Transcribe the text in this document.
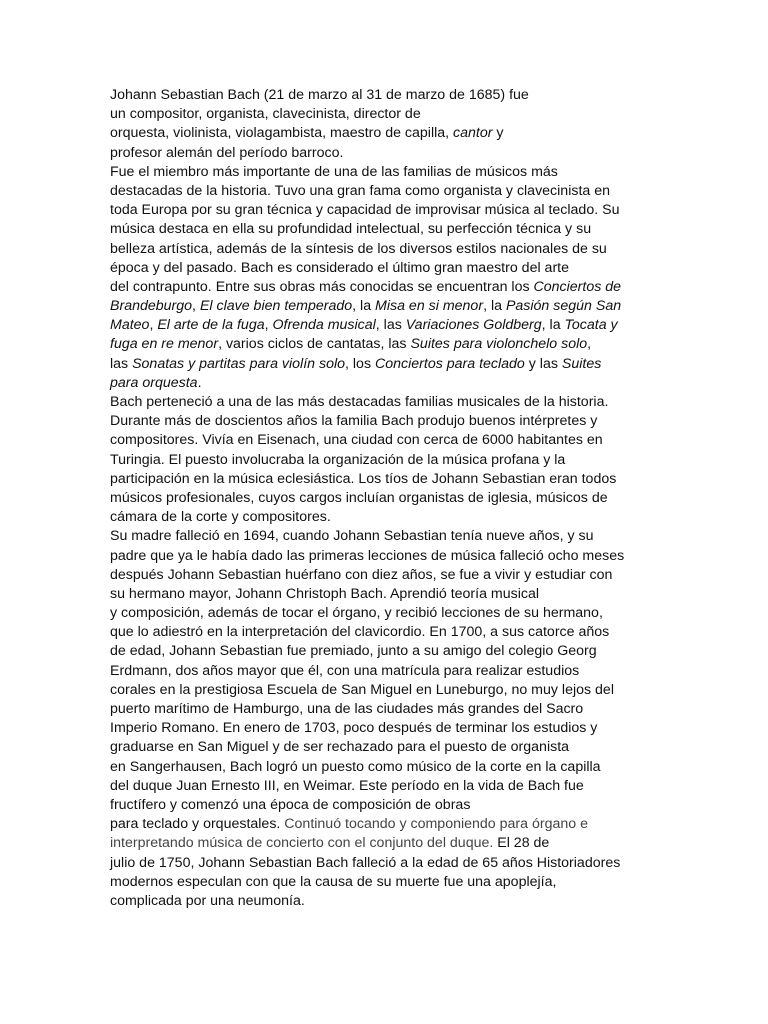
Johann Sebastian Bach (21 de marzo al 31 de marzo de 1685) fue
un compositor, organista, clavecinista, director de
orquesta, violinista, violagambista, maestro de capilla, cantor y
profesor alemán del período barroco.
Fue el miembro más importante de una de las familias de músicos más
destacadas de la historia. Tuvo una gran fama como organista y clavecinista en
toda Europa por su gran técnica y capacidad de improvisar música al teclado. Su
música destaca en ella su profundidad intelectual, su perfección técnica y su
belleza artística, además de la síntesis de los diversos estilos nacionales de su
época y del pasado. Bach es considerado el último gran maestro del arte
del contrapunto. Entre sus obras más conocidas se encuentran los Conciertos de
Brandeburgo, El clave bien temperado, la Misa en si menor, la Pasión según San
Mateo, El arte de la fuga, Ofrenda musical, las Variaciones Goldberg, la Tocata y
fuga en re menor, varios ciclos de cantatas, las Suites para violonchelo solo,
las Sonatas y partitas para violín solo, los Conciertos para teclado y las Suites
para orquesta.
Bach perteneció a una de las más destacadas familias musicales de la historia.
Durante más de doscientos años la familia Bach produjo buenos intérpretes y
compositores. Vivía en Eisenach, una ciudad con cerca de 6000 habitantes en
Turingia. El puesto involucraba la organización de la música profana y la
participación en la música eclesiástica. Los tíos de Johann Sebastian eran todos
músicos profesionales, cuyos cargos incluían organistas de iglesia, músicos de
cámara de la corte y compositores.
Su madre falleció en 1694, cuando Johann Sebastian tenía nueve años, y su
padre que ya le había dado las primeras lecciones de música falleció ocho meses
después Johann Sebastian huérfano con diez años, se fue a vivir y estudiar con
su hermano mayor, Johann Christoph Bach. Aprendió teoría musical
y composición, además de tocar el órgano, y recibió lecciones de su hermano,
que lo adiestró en la interpretación del clavicordio. En 1700, a sus catorce años
de edad, Johann Sebastian fue premiado, junto a su amigo del colegio Georg
Erdmann, dos años mayor que él, con una matrícula para realizar estudios
corales en la prestigiosa Escuela de San Miguel en Luneburgo, no muy lejos del
puerto marítimo de Hamburgo, una de las ciudades más grandes del Sacro
Imperio Romano. En enero de 1703, poco después de terminar los estudios y
graduarse en San Miguel y de ser rechazado para el puesto de organista
en Sangerhausen, Bach logró un puesto como músico de la corte en la capilla
del duque Juan Ernesto III, en Weimar. Este período en la vida de Bach fue
fructífero y comenzó una época de composición de obras
para teclado y orquestales. Continuó tocando y componiendo para órgano e
interpretando música de concierto con el conjunto del duque. El 28 de
julio de 1750, Johann Sebastian Bach falleció a la edad de 65 años Historiadores
modernos especulan con que la causa de su muerte fue una apoplejía,
complicada por una neumonía.
